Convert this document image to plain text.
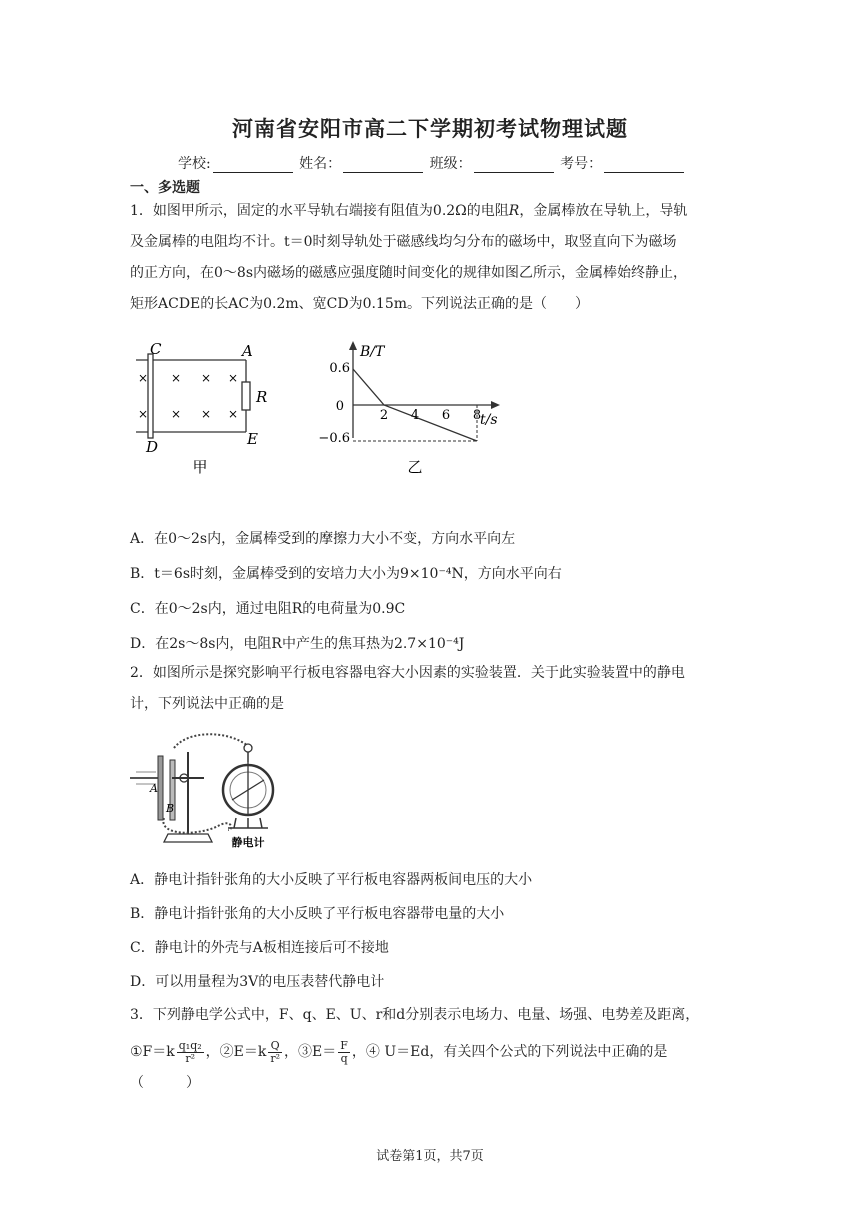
河南省安阳市高二下学期初考试物理试题
学校:	姓名：	班级：	考号：
一、多选题
1．如图甲所示，固定的水平导轨右端接有阻值为0.2Ω的电阻R，金属棒放在导轨上，导轨
及金属棒的电阻均不计。t＝0时刻导轨处于磁感线均匀分布的磁场中，取竖直向下为磁场
的正方向，在0～8s内磁场的磁感应强度随时间变化的规律如图乙所示，金属棒始终静止，
矩形ACDE的长AC为0.2m、宽CD为0.15m。下列说法正确的是（　　）
×
×
× × ×
× × ×
C	A
D	E
R
甲
B/T
t/s
0.6
0
−0.6
2 4 6 8
乙
A．在0～2s内，金属棒受到的摩擦力大小不变，方向水平向左
B．t＝6s时刻，金属棒受到的安培力大小为9×10⁻⁴N，方向水平向右
C．在0～2s内，通过电阻R的电荷量为0.9C
D．在2s～8s内，电阻R中产生的焦耳热为2.7×10⁻⁴J
2．如图所示是探究影响平行板电容器电容大小因素的实验装置．关于此实验装置中的静电
计，下列说法中正确的是
A
B
静电计
A．静电计指针张角的大小反映了平行板电容器两板间电压的大小
B．静电计指针张角的大小反映了平行板电容器带电量的大小
C．静电计的外壳与A板相连接后可不接地
D．可以用量程为3V的电压表替代静电计
3．下列静电学公式中，F、q、E、U、r和d分别表示电场力、电量、场强、电势差及距离，
①F＝k $\frac{\text{q₁q₂}}{\text{r²}}$ ，②E＝k $\frac{Q}{\text{r²}}$ ，③E＝ $\frac{F}{q}$ ，④ U＝Ed，有关四个公式的下列说法中正确的是
（　　　）
试卷第1页，共7页
